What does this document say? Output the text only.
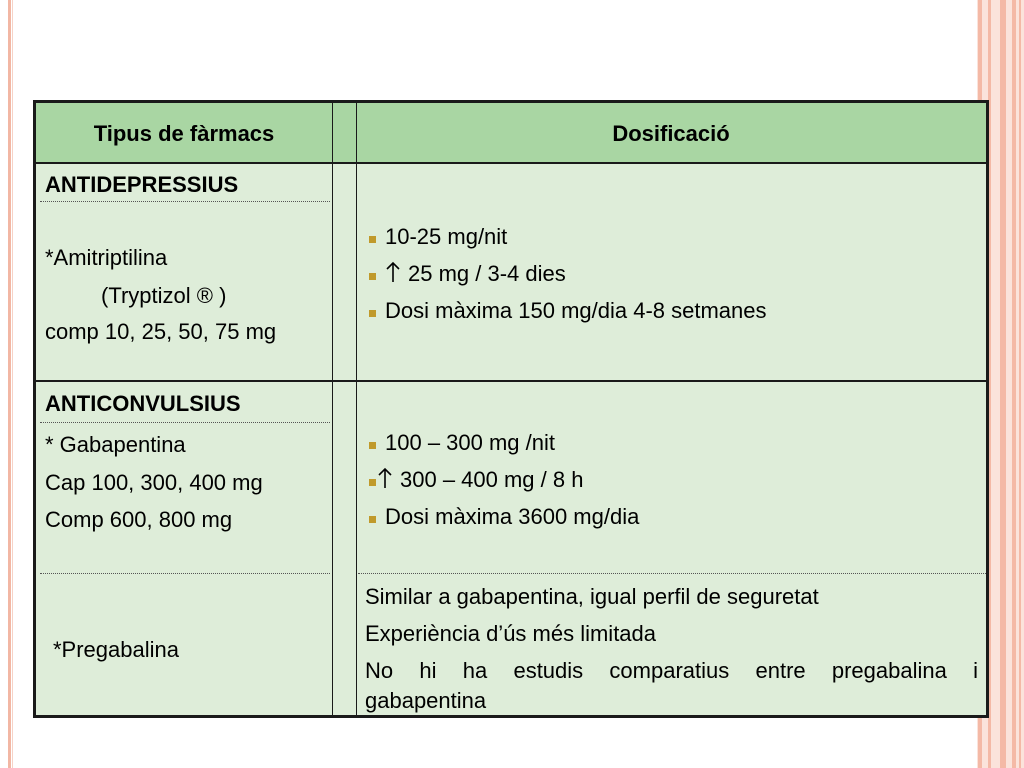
Tipus de fàrmacs	Dosificació
ANTIDEPRESSIUS
*Amitriptilina
(Tryptizol ® )
comp 10, 25, 50, 75 mg
10-25 mg/nit
25 mg / 3-4 dies
Dosi màxima 150 mg/dia 4-8 setmanes
ANTICONVULSIUS
* Gabapentina
Cap 100, 300, 400 mg
Comp 600, 800 mg
100 – 300 mg /nit
300 – 400 mg / 8 h
Dosi màxima 3600 mg/dia
*Pregabalina
Similar a gabapentina, igual perfil de seguretat
Experiència d’ús més limitada
No hi ha estudis comparatius entre pregabalina i
gabapentina
